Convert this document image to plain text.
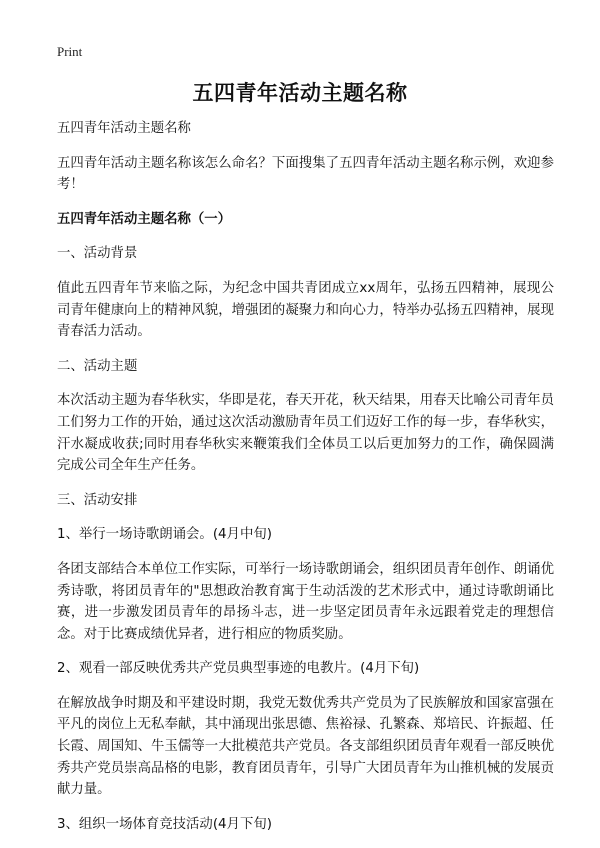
Print
五四青年活动主题名称

五四青年活动主题名称

五四青年活动主题名称该怎么命名？下面搜集了五四青年活动主题名称示例，欢迎参考！

五四青年活动主题名称（一）

一、活动背景

值此五四青年节来临之际，为纪念中国共青团成立xx周年，弘扬五四精神，展现公司青年健康向上的精神风貌，增强团的凝聚力和向心力，特举办弘扬五四精神，展现青春活力活动。

二、活动主题

本次活动主题为春华秋实，华即是花，春天开花，秋天结果，用春天比喻公司青年员工们努力工作的开始，通过这次活动激励青年员工们迈好工作的每一步，春华秋实，汗水凝成收获;同时用春华秋实来鞭策我们全体员工以后更加努力的工作，确保圆满完成公司全年生产任务。

三、活动安排

1、举行一场诗歌朗诵会。(4月中旬)

各团支部结合本单位工作实际，可举行一场诗歌朗诵会，组织团员青年创作、朗诵优秀诗歌，将团员青年的"思想政治教育寓于生动活泼的艺术形式中，通过诗歌朗诵比赛，进一步激发团员青年的昂扬斗志，进一步坚定团员青年永远跟着党走的理想信念。对于比赛成绩优异者，进行相应的物质奖励。

2、观看一部反映优秀共产党员典型事迹的电教片。(4月下旬)

在解放战争时期及和平建设时期，我党无数优秀共产党员为了民族解放和国家富强在平凡的岗位上无私奉献，其中涌现出张思德、焦裕禄、孔繁森、郑培民、许振超、任长霞、周国知、牛玉儒等一大批模范共产党员。各支部组织团员青年观看一部反映优秀共产党员崇高品格的电影，教育团员青年，引导广大团员青年为山推机械的发展贡献力量。

3、组织一场体育竞技活动(4月下旬)
